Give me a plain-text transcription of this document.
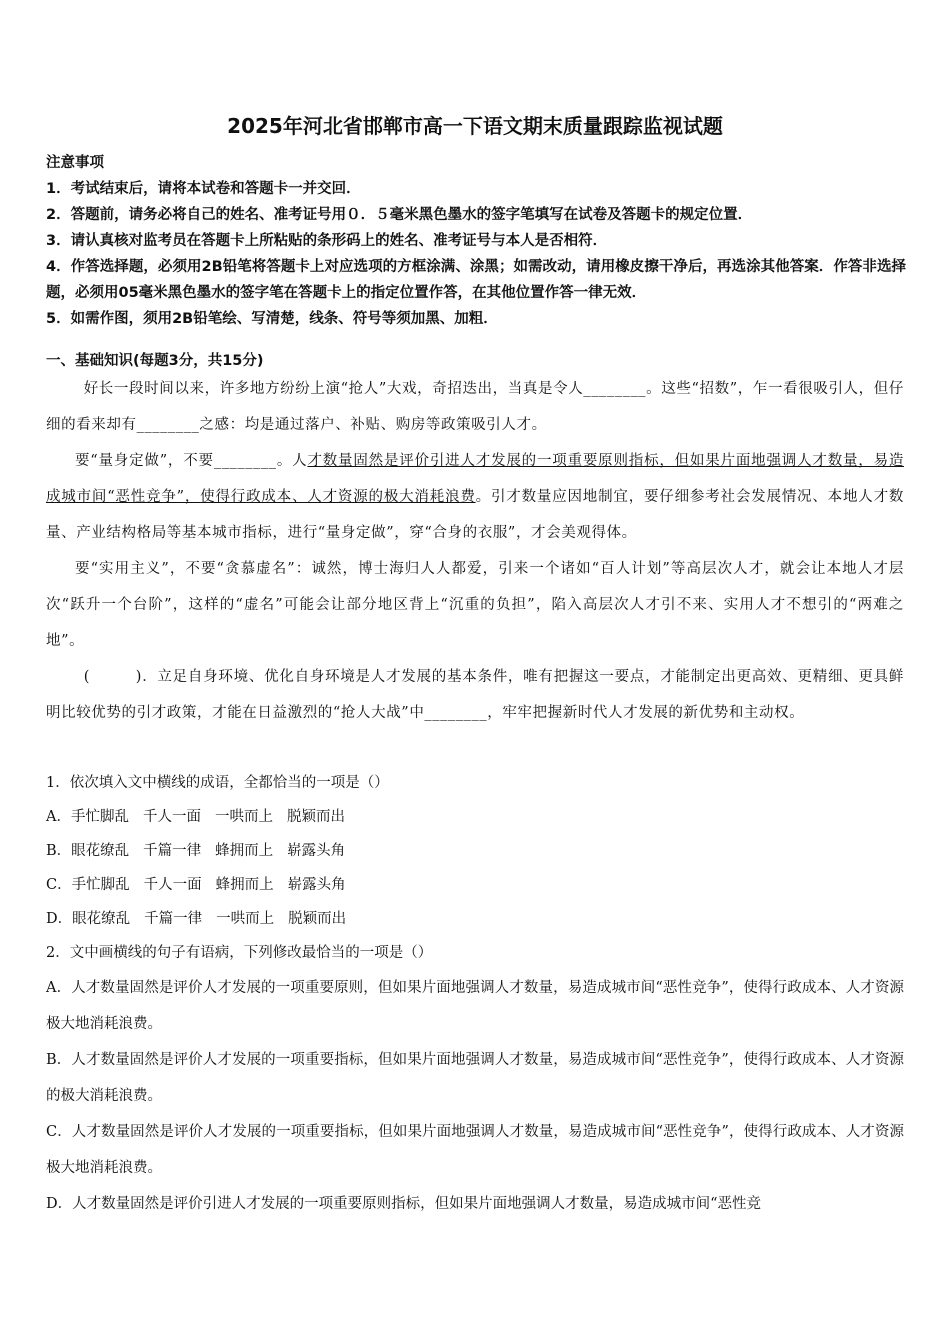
2025年河北省邯郸市高一下语文期末质量跟踪监视试题
注意事项
1．考试结束后，请将本试卷和答题卡一并交回．
2．答题前，请务必将自己的姓名、准考证号用０．５毫米黑色墨水的签字笔填写在试卷及答题卡的规定位置．
3．请认真核对监考员在答题卡上所粘贴的条形码上的姓名、准考证号与本人是否相符．
4．作答选择题，必须用2B铅笔将答题卡上对应选项的方框涂满、涂黑；如需改动，请用橡皮擦干净后，再选涂其他答案．作答非选择题，必须用05毫米黑色墨水的签字笔在答题卡上的指定位置作答，在其他位置作答一律无效．
5．如需作图，须用2B铅笔绘、写清楚，线条、符号等须加黑、加粗．
一、基础知识(每题3分，共15分)

好长一段时间以来，许多地方纷纷上演“抢人”大戏，奇招迭出，当真是令人________。这些“招数”，乍一看很吸引人，但仔细的看来却有________之感：均是通过落户、补贴、购房等政策吸引人才。

要“量身定做”，不要________。人才数量固然是评价引进人才发展的一项重要原则指标，但如果片面地强调人才数量，易造成城市间“恶性竞争”，使得行政成本、人才资源的极大消耗浪费。引才数量应因地制宜，要仔细参考社会发展情况、本地人才数量、产业结构格局等基本城市指标，进行“量身定做”，穿“合身的衣服”，才会美观得体。

要“实用主义”，不要“贪慕虚名”：诚然，博士海归人人都爱，引来一个诸如“百人计划”等高层次人才，就会让本地人才层次“跃升一个台阶”，这样的“虚名”可能会让部分地区背上“沉重的负担”，陷入高层次人才引不来、实用人才不想引的“两难之地”。

(　　　)．立足自身环境、优化自身环境是人才发展的基本条件，唯有把握这一要点，才能制定出更高效、更精细、更具鲜明比较优势的引才政策，才能在日益激烈的“抢人大战”中________，牢牢把握新时代人才发展的新优势和主动权。

1．依次填入文中横线的成语，全都恰当的一项是（）
A．手忙脚乱 千人一面 一哄而上 脱颖而出
B．眼花缭乱 千篇一律 蜂拥而上 崭露头角
C．手忙脚乱 千人一面 蜂拥而上 崭露头角
D．眼花缭乱 千篇一律 一哄而上 脱颖而出
2．文中画横线的句子有语病，下列修改最恰当的一项是（）
A．人才数量固然是评价人才发展的一项重要原则，但如果片面地强调人才数量，易造成城市间“恶性竞争”，使得行政成本、人才资源极大地消耗浪费。
B．人才数量固然是评价人才发展的一项重要指标，但如果片面地强调人才数量，易造成城市间“恶性竞争”，使得行政成本、人才资源的极大消耗浪费。
C．人才数量固然是评价人才发展的一项重要指标，但如果片面地强调人才数量，易造成城市间“恶性竞争”，使得行政成本、人才资源极大地消耗浪费。
D．人才数量固然是评价引进人才发展的一项重要原则指标，但如果片面地强调人才数量，易造成城市间“恶性竞
